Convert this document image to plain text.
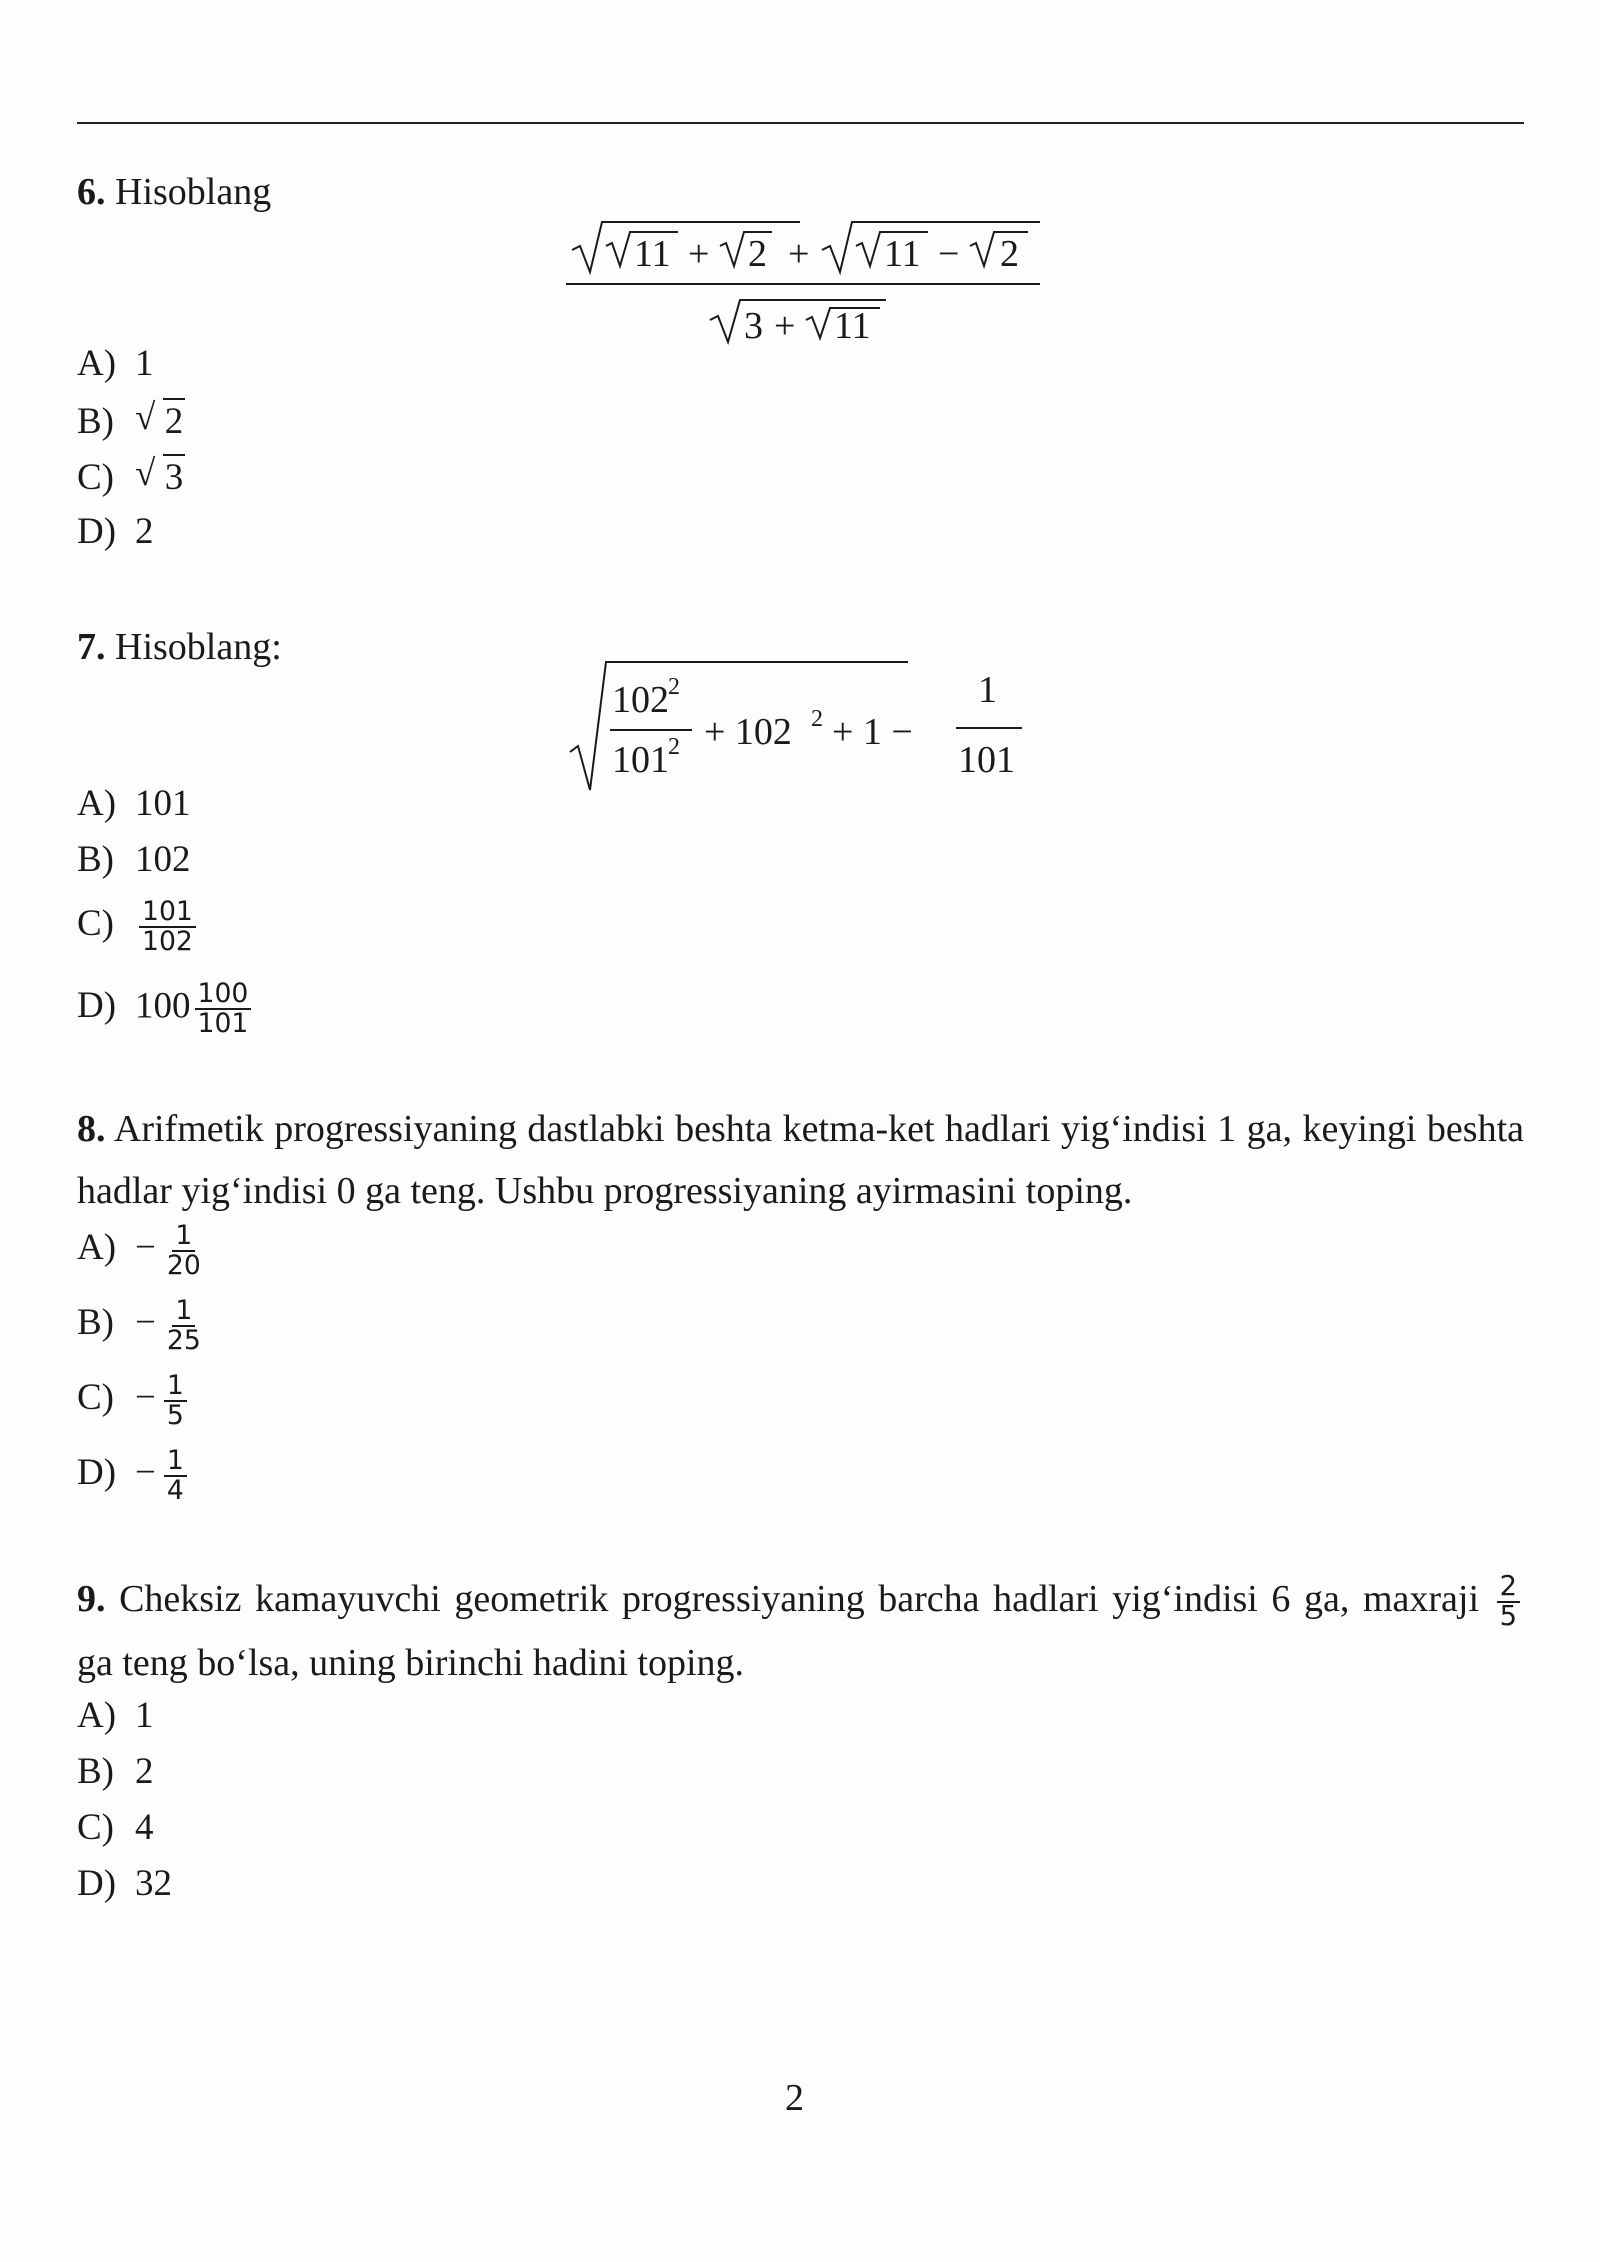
6. Hisoblang
11 + 2 + 11 − 2
3 + 11
A) 1
B) √ 2
C) √ 3
D) 2
7. Hisoblang:
102 2
101 2 + 102 2 + 1 −
1
101
A) 101
B) 102
$C) \frac{101}{102}$
D) $100 \frac{100}{101}$
8. Arifmetik progressiyaning dastlabki beshta ketma-ket hadlari yig‘indisi 1 ga, keyingi beshta hadlar yig‘indisi 0 ga teng. Ushbu progressiyaning ayirmasini toping.
$A) - \frac{1}{20}$
$B) - \frac{1}{25}$
$C) - \frac{1}{5}$
$D) - \frac{1}{4}$
9. Cheksiz kamayuvchi geometrik progressiyaning barcha hadlari yig‘indisi 6 ga, maxraji $\frac{2}{5}$
ga teng bo‘lsa, uning birinchi hadini toping.
A) 1
B) 2
C) 4
D) 32
2
